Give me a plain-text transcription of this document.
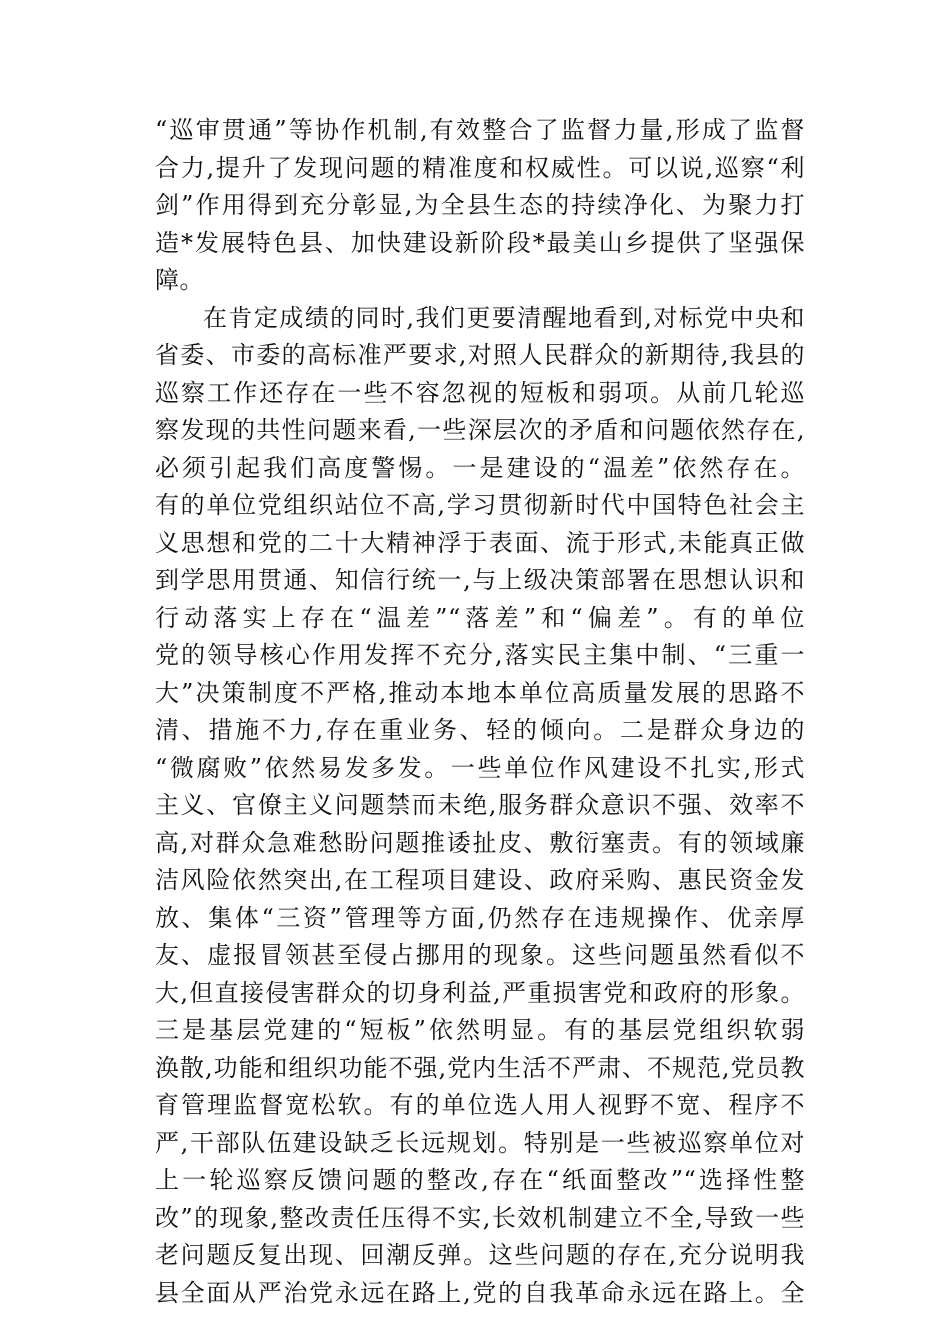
“巡审贯通”等协作机制,有效整合了监督力量,形成了监督
合力,提升了发现问题的精准度和权威性。可以说,巡察“利
剑”作用得到充分彰显,为全县生态的持续净化、为聚力打
造*发展特色县、加快建设新阶段*最美山乡提供了坚强保
障。
在肯定成绩的同时,我们更要清醒地看到,对标党中央和
省委、市委的高标准严要求,对照人民群众的新期待,我县的
巡察工作还存在一些不容忽视的短板和弱项。从前几轮巡
察发现的共性问题来看,一些深层次的矛盾和问题依然存在,
必须引起我们高度警惕。一是建设的“温差”依然存在。
有的单位党组织站位不高,学习贯彻新时代中国特色社会主
义思想和党的二十大精神浮于表面、流于形式,未能真正做
到学思用贯通、知信行统一,与上级决策部署在思想认识和
行动落实上存在“温差”“落差”和“偏差”。有的单位
党的领导核心作用发挥不充分,落实民主集中制、“三重一
大”决策制度不严格,推动本地本单位高质量发展的思路不
清、措施不力,存在重业务、轻的倾向。二是群众身边的
“微腐败”依然易发多发。一些单位作风建设不扎实,形式
主义、官僚主义问题禁而未绝,服务群众意识不强、效率不
高,对群众急难愁盼问题推诿扯皮、敷衍塞责。有的领域廉
洁风险依然突出,在工程项目建设、政府采购、惠民资金发
放、集体“三资”管理等方面,仍然存在违规操作、优亲厚
友、虚报冒领甚至侵占挪用的现象。这些问题虽然看似不
大,但直接侵害群众的切身利益,严重损害党和政府的形象。
三是基层党建的“短板”依然明显。有的基层党组织软弱
涣散,功能和组织功能不强,党内生活不严肃、不规范,党员教
育管理监督宽松软。有的单位选人用人视野不宽、程序不
严,干部队伍建设缺乏长远规划。特别是一些被巡察单位对
上一轮巡察反馈问题的整改,存在“纸面整改”“选择性整
改”的现象,整改责任压得不实,长效机制建立不全,导致一些
老问题反复出现、回潮反弹。这些问题的存在,充分说明我
县全面从严治党永远在路上,党的自我革命永远在路上。全
